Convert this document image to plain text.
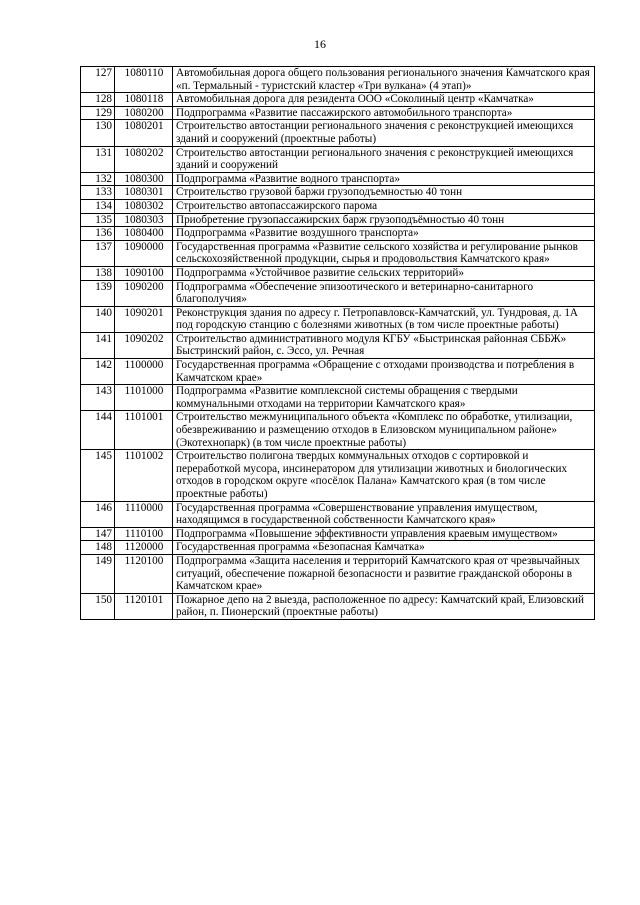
16
127	1080110	Автомобильная дорога общего пользования регионального значения Камчатского края «п. Термальный - туристский кластер «Три вулкана» (4 этап)»
128	1080118	Автомобильная дорога для резидента ООО «Соколиный центр «Камчатка»
129	1080200	Подпрограмма «Развитие пассажирского автомобильного транспорта»
130	1080201	Строительство автостанции регионального значения с реконструкцией имеющихся зданий и сооружений (проектные работы)
131	1080202	Строительство автостанции регионального значения с реконструкцией имеющихся зданий и сооружений
132	1080300	Подпрограмма «Развитие водного транспорта»
133	1080301	Строительство грузовой баржи грузоподъемностью 40 тонн
134	1080302	Строительство автопассажирского парома
135	1080303	Приобретение грузопассажирских барж грузоподъёмностью 40 тонн
136	1080400	Подпрограмма «Развитие воздушного транспорта»
137	1090000	Государственная программа «Развитие сельского хозяйства и регулирование рынков сельскохозяйственной продукции, сырья и продовольствия Камчатского края»
138	1090100	Подпрограмма «Устойчивое развитие сельских территорий»
139	1090200	Подпрограмма «Обеспечение эпизоотического и ветеринарно-санитарного благополучия»
140	1090201	Реконструкция здания по адресу г. Петропавловск-Камчатский, ул. Тундровая, д. 1А под городскую станцию с болезнями животных (в том числе проектные работы)
141	1090202	Строительство административного модуля КГБУ «Быстринская районная СББЖ» Быстринский район, с. Эссо, ул. Речная
142	1100000	Государственная программа «Обращение с отходами производства и потребления в Камчатском крае»
143	1101000	Подпрограмма «Развитие комплексной системы обращения с твердыми коммунальными отходами на территории Камчатского края»
144	1101001	Строительство межмуниципального объекта «Комплекс по обработке, утилизации, обезвреживанию и размещению отходов в Елизовском муниципальном районе» (Экотехнопарк) (в том числе проектные работы)
145	1101002	Строительство полигона твердых коммунальных отходов с сортировкой и переработкой мусора, инсинератором для утилизации животных и биологических отходов в городском округе «посёлок Палана» Камчатского края (в том числе проектные работы)
146	1110000	Государственная программа «Совершенствование управления имуществом, находящимся в государственной собственности Камчатского края»
147	1110100	Подпрограмма «Повышение эффективности управления краевым имуществом»
148	1120000	Государственная программа «Безопасная Камчатка»
149	1120100	Подпрограмма «Защита населения и территорий Камчатского края от чрезвычайных ситуаций, обеспечение пожарной безопасности и развитие гражданской обороны в Камчатском крае»
150	1120101	Пожарное депо на 2 выезда, расположенное по адресу: Камчатский край, Елизовский район, п. Пионерский (проектные работы)
